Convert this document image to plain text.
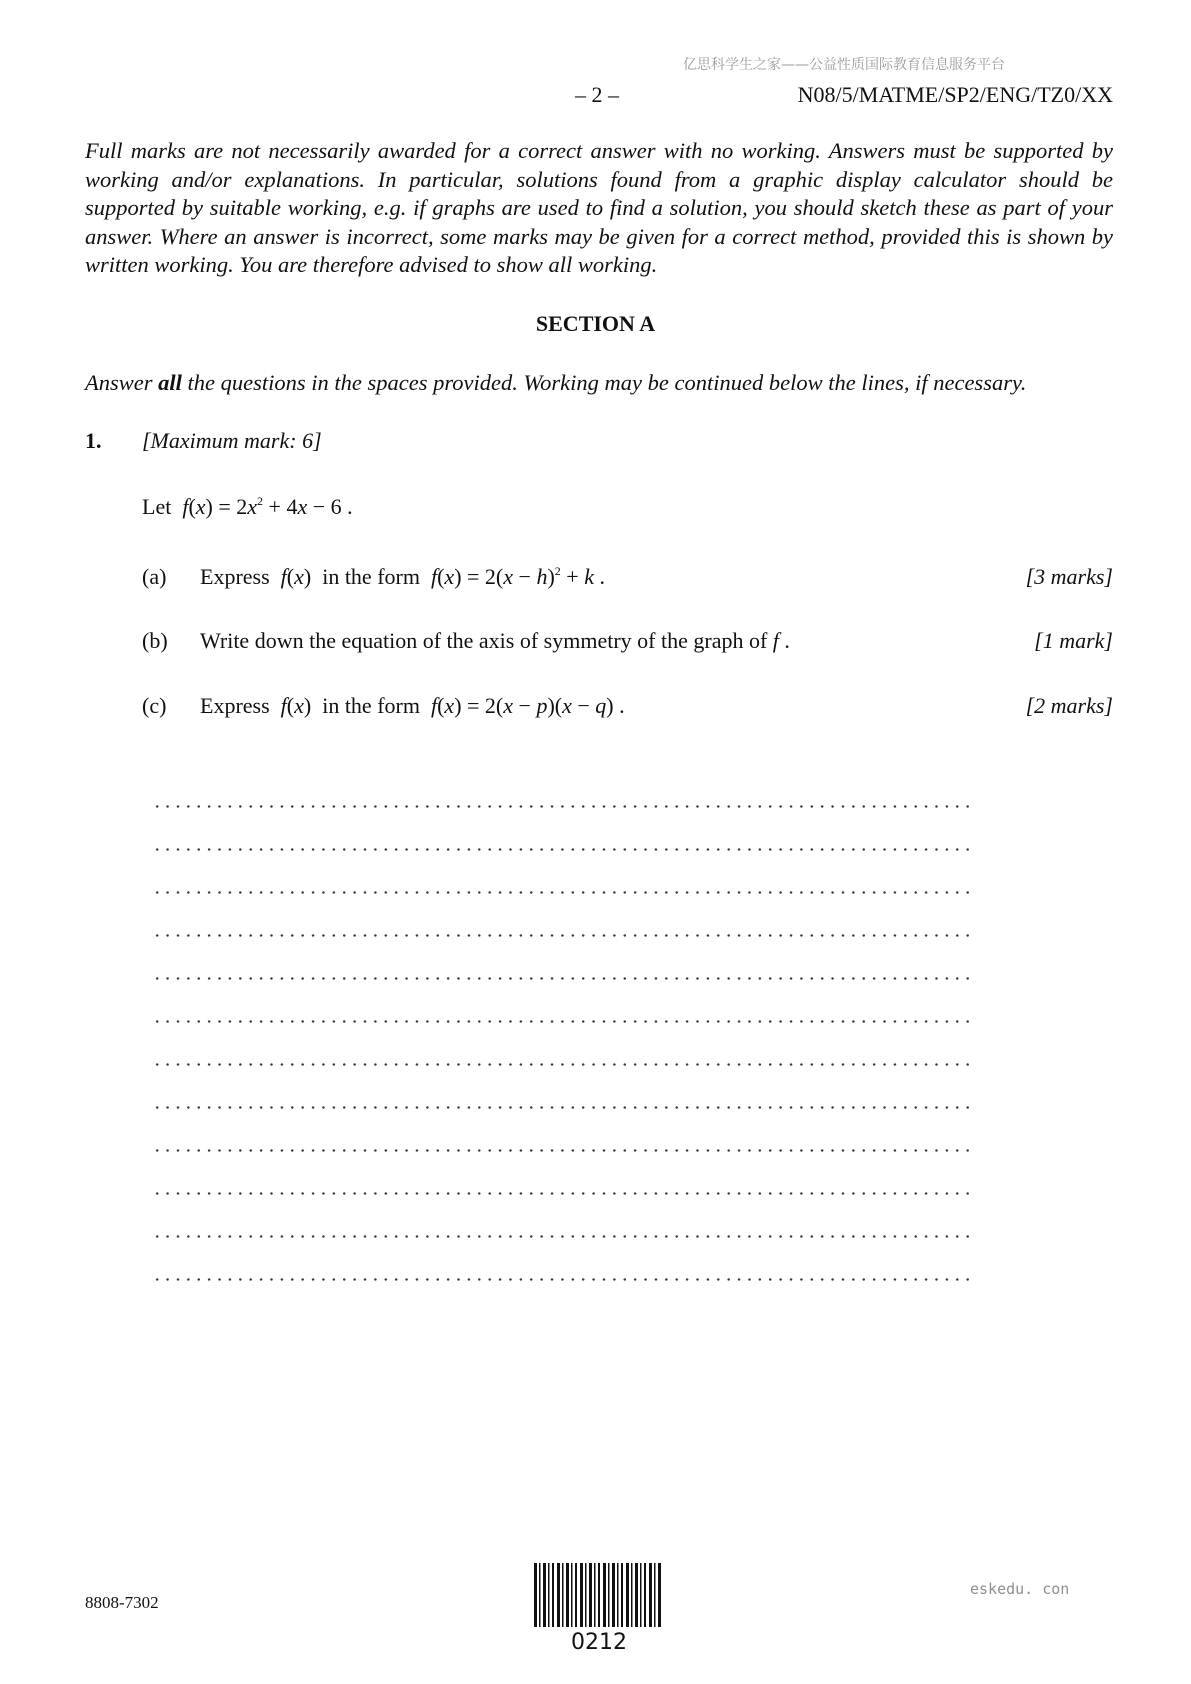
亿思科学生之家——公益性质国际教育信息服务平台
– 2 –	N08/5/MATME/SP2/ENG/TZ0/XX
Full marks are not necessarily awarded for a correct answer with no working. Answers must be supported by working and/or explanations. In particular, solutions found from a graphic display calculator should be supported by suitable working, e.g. if graphs are used to find a solution, you should sketch these as part of your answer. Where an answer is incorrect, some marks may be given for a correct method, provided this is shown by written working. You are therefore advised to show all working.
SECTION A
Answer all the questions in the spaces provided. Working may be continued below the lines, if necessary.
1. [Maximum mark: 6]
Let $f(x) = 2x^2 + 4x - 6$ .
(a) Express f(x)  in the form $f(x) = 2(x - h)^2 + k$ .	[3 marks]
(b) Write down the equation of the axis of symmetry of the graph of f .	[1 mark]
(c) Express f(x)  in the form f(x) = 2(x − p)(x − q) .	[2 marks]
8808-7302
0212
eskedu. con
